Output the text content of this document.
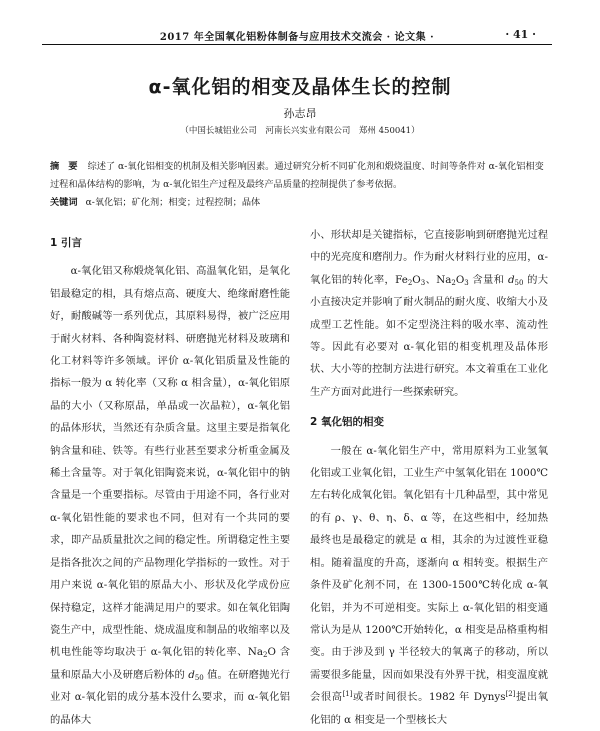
2017 年全国氧化铝粉体制备与应用技术交流会 · 论文集 ·	· 41 ·
α-氧化铝的相变及晶体生长的控制
孙志昂
（中国长城铝业公司　河南长兴实业有限公司　郑州 450041）
摘　要 综述了 α-氧化铝相变的机制及相关影响因素。通过研究分析不同矿化剂和煅烧温度、时间等条件对 α-氧化铝相变过程和晶体结构的影响，为 α-氧化铝生产过程及最终产品质量的控制提供了参考依据。
关键词 α-氧化铝；矿化剂；相变；过程控制；晶体
1 引言

α-氧化铝又称煅烧氧化铝、高温氧化铝，是氧化铝最稳定的相，具有熔点高、硬度大、绝缘耐磨性能好，耐酸碱等一系列优点，其原料易得，被广泛应用于耐火材料、各种陶瓷材料、研磨抛光材料及玻璃和化工材料等许多领域。评价 α-氧化铝质量及性能的指标一般为 α 转化率（又称 α 相含量），α-氧化铝原晶的大小（又称原晶，单晶或一次晶粒），α-氧化铝的晶体形状，当然还有杂质含量。这里主要是指氧化钠含量和硅、铁等。有些行业甚至要求分析重金属及稀土含量等。对于氧化铝陶瓷来说，α-氧化铝中的钠含量是一个重要指标。尽管由于用途不同，各行业对 α-氧化铝性能的要求也不同，但对有一个共同的要求，即产品质量批次之间的稳定性。所谓稳定性主要是指各批次之间的产品物理化学指标的一致性。对于用户来说 α-氧化铝的原晶大小、形状及化学成份应保持稳定，这样才能满足用户的要求。如在氧化铝陶瓷生产中，成型性能、烧成温度和制品的收缩率以及机电性能等均取决于 α-氧化铝的转化率、$Na_2O$ 含量和原晶大小及研磨后粉体的 $d_{50}$ 值。在研磨抛光行业对 α-氧化铝的成分基本没什么要求，而 α-氧化铝的晶体大

小、形状却是关键指标，它直接影响到研磨抛光过程中的光亮度和磨削力。作为耐火材料行业的应用，α-氧化铝的转化率，$Fe_2O_3$、$Na_2O_3$ 含量和 $d_{50}$ 的大小直接决定并影响了耐火制品的耐火度、收缩大小及成型工艺性能。如不定型浇注料的吸水率、流动性等。因此有必要对 α-氧化铝的相变机理及晶体形状、大小等的控制方法进行研究。本文着重在工业化生产方面对此进行一些探索研究。

2 氧化铝的相变

一般在 α-氧化铝生产中，常用原料为工业氢氧化铝或工业氧化铝，工业生产中氢氧化铝在 1000℃左右转化成氧化铝。氧化铝有十几种晶型，其中常见的有 ρ、γ、θ、η、δ、α 等，在这些相中，经加热最终也是最稳定的就是 α 相，其余的为过渡性亚稳相。随着温度的升高，逐渐向 α 相转变。根据生产条件及矿化剂不同，在 1300-1500℃转化成 α-氧化铝，并为不可逆相变。实际上 α-氧化铝的相变通常认为是从 1200℃开始转化，α 相变是品格重构相变。由于涉及到 γ 半径较大的氧离子的移动，所以需要很多能量，因而如果没有外界干扰，相变温度就会很高[1]或者时间很长。1982 年 Dynys[2]提出氧化铝的 α 相变是一个型核长大
